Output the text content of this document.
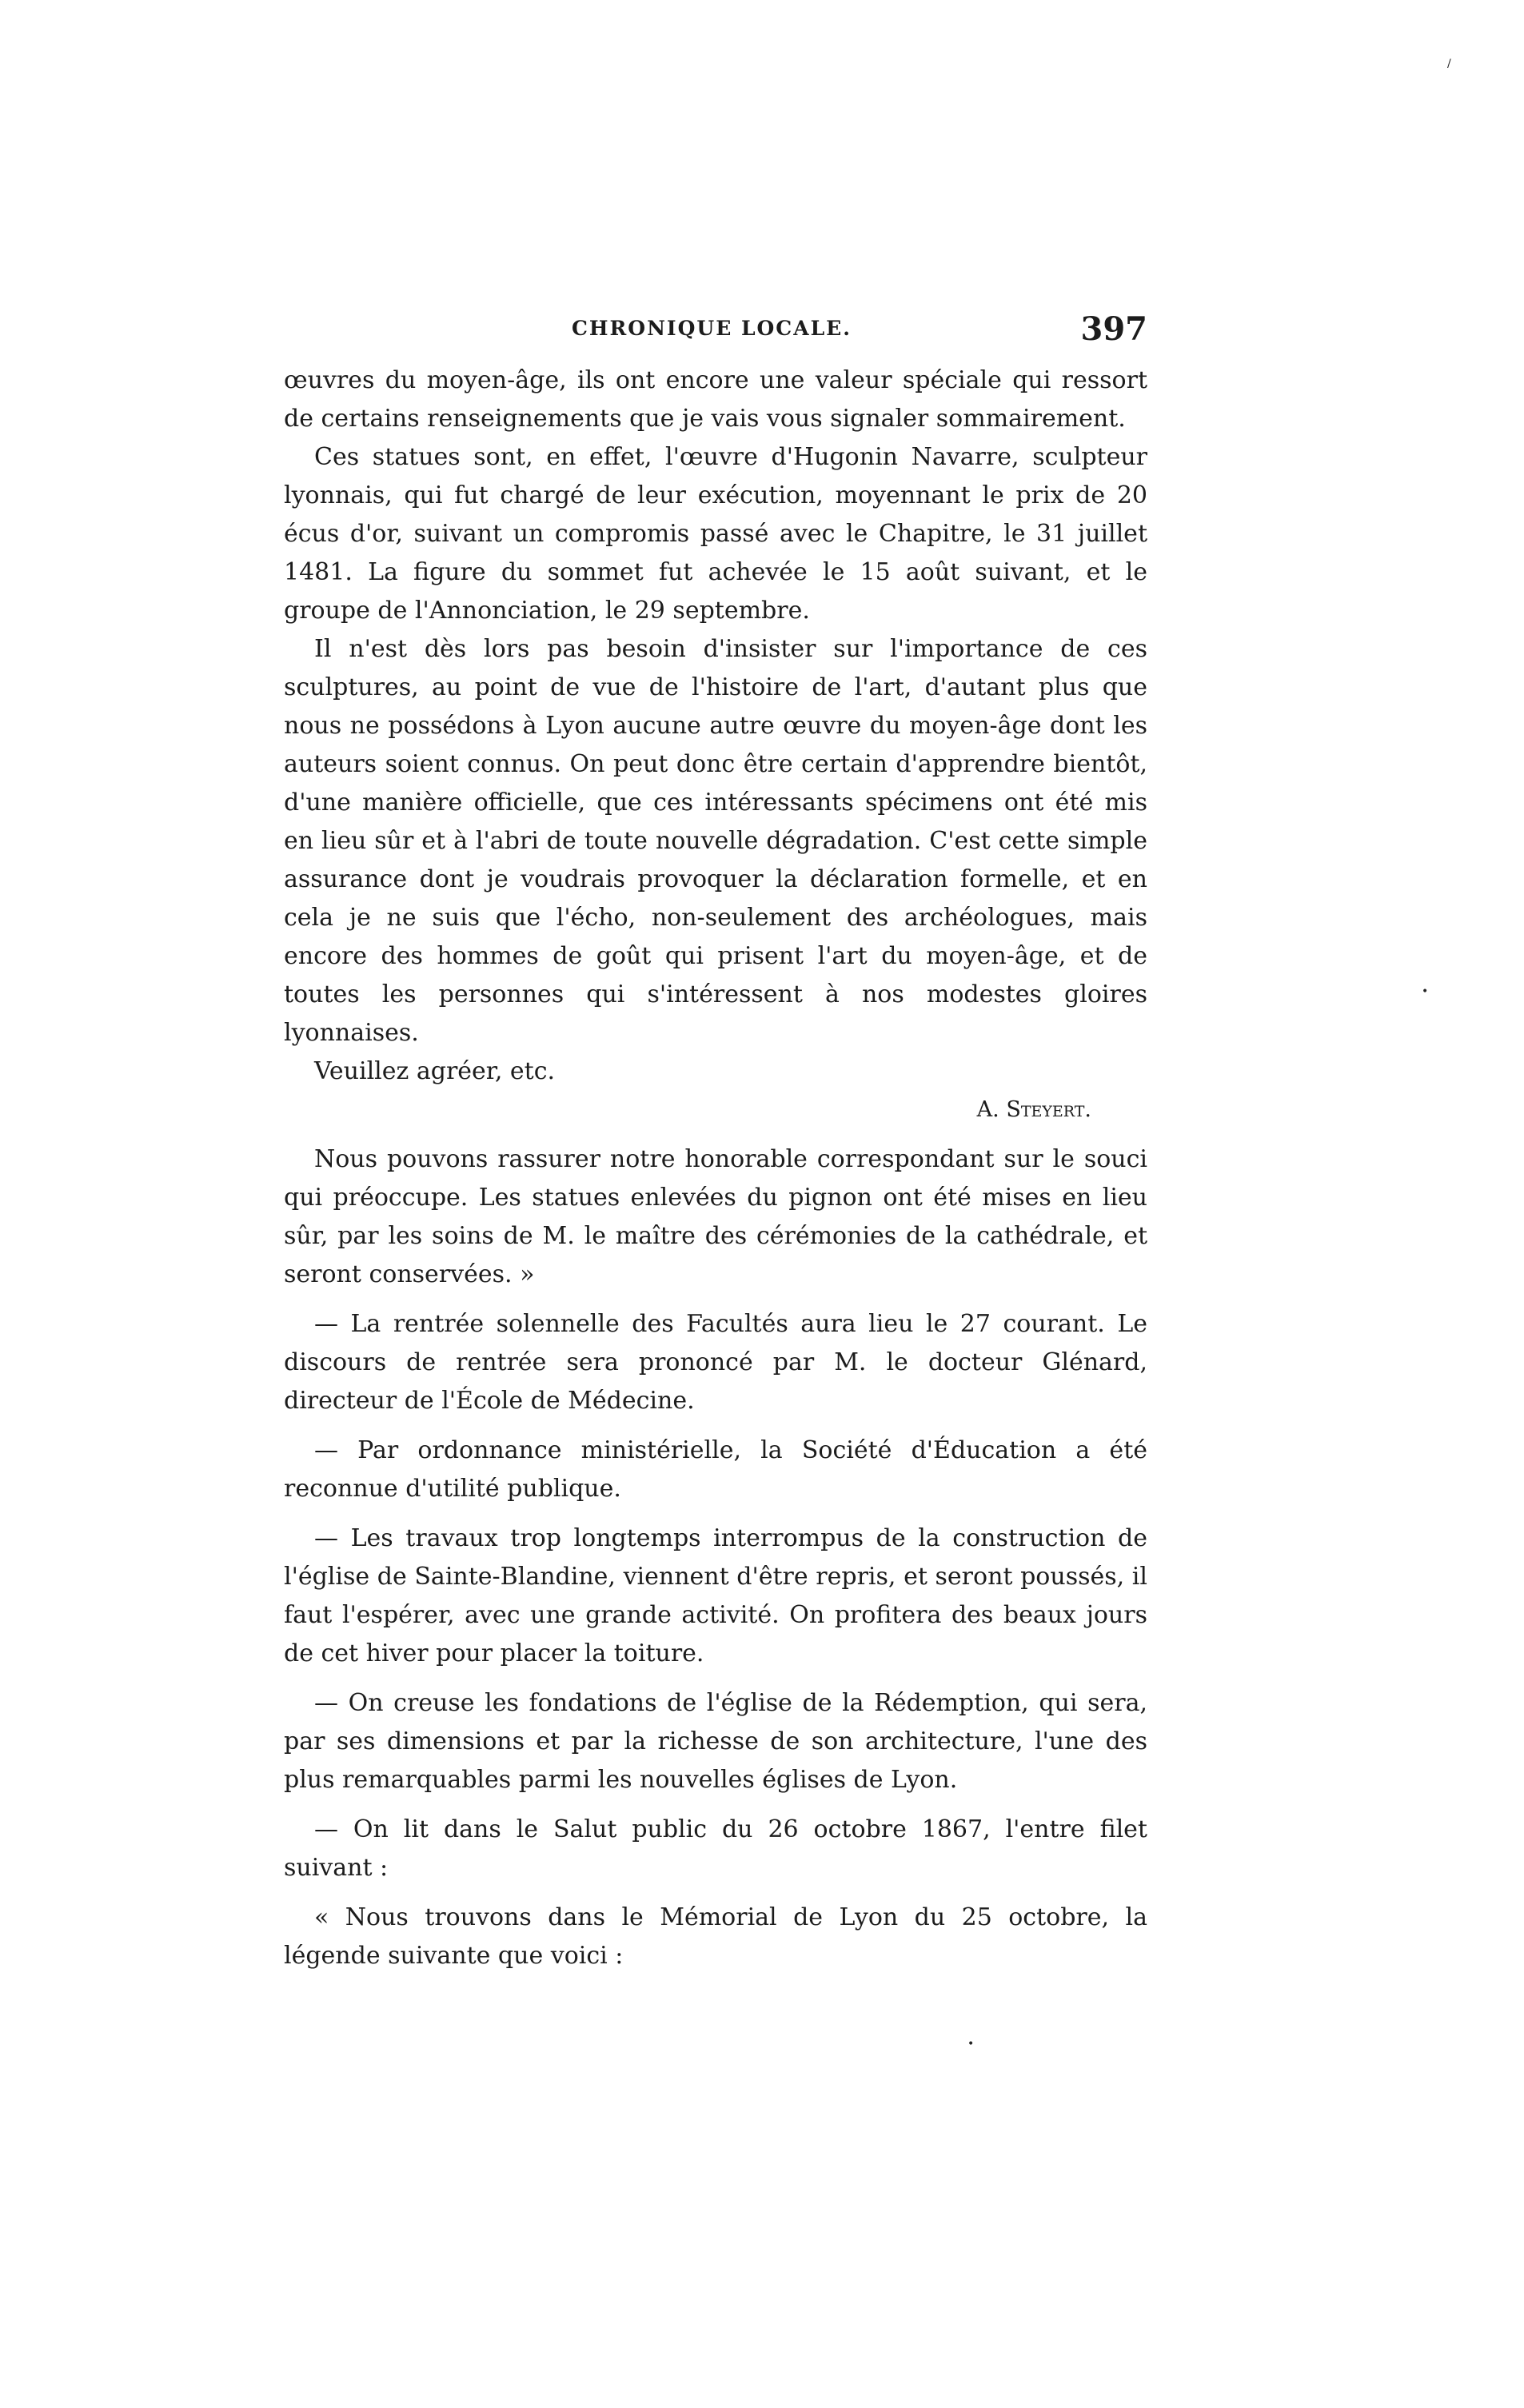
CHRONIQUE LOCALE.	397

œuvres du moyen-âge, ils ont encore une valeur spéciale qui ressort de certains renseignements que je vais vous signaler sommairement.

Ces statues sont, en effet, l'œuvre d'Hugonin Navarre, sculpteur lyonnais, qui fut chargé de leur exécution, moyennant le prix de 20 écus d'or, suivant un compromis passé avec le Chapitre, le 31 juillet 1481. La figure du sommet fut achevée le 15 août suivant, et le groupe de l'Annonciation, le 29 septembre.

Il n'est dès lors pas besoin d'insister sur l'importance de ces sculptures, au point de vue de l'histoire de l'art, d'autant plus que nous ne possédons à Lyon aucune autre œuvre du moyen-âge dont les auteurs soient connus. On peut donc être certain d'apprendre bientôt, d'une manière officielle, que ces intéressants spécimens ont été mis en lieu sûr et à l'abri de toute nouvelle dégradation. C'est cette simple assurance dont je voudrais provoquer la déclaration formelle, et en cela je ne suis que l'écho, non-seulement des archéologues, mais encore des hommes de goût qui prisent l'art du moyen-âge, et de toutes les personnes qui s'intéressent à nos modestes gloires lyonnaises.

Veuillez agréer, etc.

A. Steyert.

Nous pouvons rassurer notre honorable correspondant sur le souci qui préoccupe. Les statues enlevées du pignon ont été mises en lieu sûr, par les soins de M. le maître des cérémonies de la cathédrale, et seront conservées. »

— La rentrée solennelle des Facultés aura lieu le 27 courant. Le discours de rentrée sera prononcé par M. le docteur Glénard, directeur de l'École de Médecine.

— Par ordonnance ministérielle, la Société d'Éducation a été reconnue d'utilité publique.

— Les travaux trop longtemps interrompus de la construction de l'église de Sainte-Blandine, viennent d'être repris, et seront poussés, il faut l'espérer, avec une grande activité. On profitera des beaux jours de cet hiver pour placer la toiture.

— On creuse les fondations de l'église de la Rédemption, qui sera, par ses dimensions et par la richesse de son architecture, l'une des plus remarquables parmi les nouvelles églises de Lyon.

— On lit dans le Salut public du 26 octobre 1867, l'entre filet suivant :

« Nous trouvons dans le Mémorial de Lyon du 25 octobre, la légende suivante que voici :

/
•
•
